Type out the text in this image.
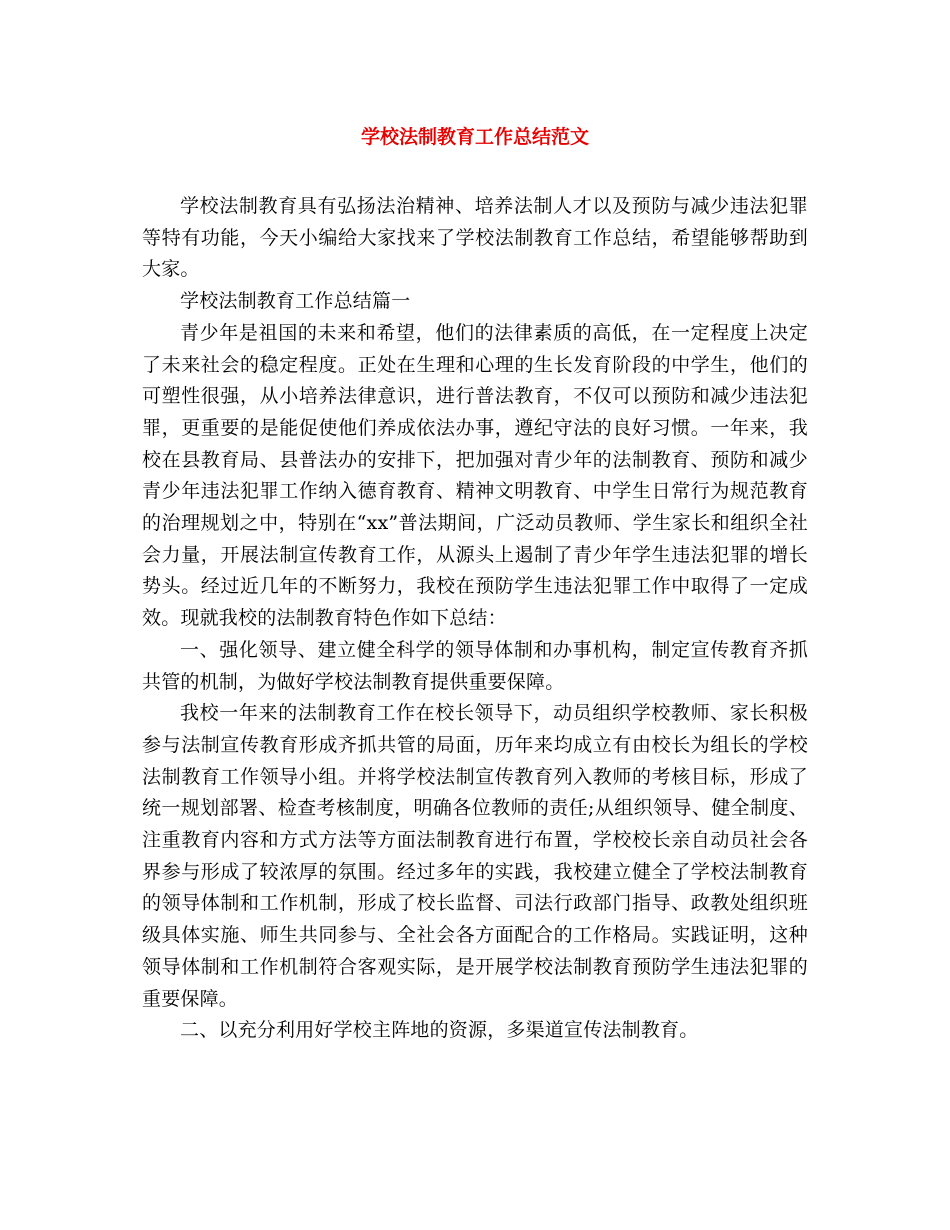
学校法制教育工作总结范文

学校法制教育具有弘扬法治精神、培养法制人才以及预防与减少违法犯罪等特有功能，今天小编给大家找来了学校法制教育工作总结，希望能够帮助到大家。

学校法制教育工作总结篇一

青少年是祖国的未来和希望，他们的法律素质的高低，在一定程度上决定了未来社会的稳定程度。正处在生理和心理的生长发育阶段的中学生，他们的可塑性很强，从小培养法律意识，进行普法教育，不仅可以预防和减少违法犯罪，更重要的是能促使他们养成依法办事，遵纪守法的良好习惯。一年来，我校在县教育局、县普法办的安排下，把加强对青少年的法制教育、预防和减少青少年违法犯罪工作纳入德育教育、精神文明教育、中学生日常行为规范教育的治理规划之中，特别在“xx”普法期间，广泛动员教师、学生家长和组织全社会力量，开展法制宣传教育工作，从源头上遏制了青少年学生违法犯罪的增长势头。经过近几年的不断努力，我校在预防学生违法犯罪工作中取得了一定成效。现就我校的法制教育特色作如下总结：

一、强化领导、建立健全科学的领导体制和办事机构，制定宣传教育齐抓共管的机制，为做好学校法制教育提供重要保障。

我校一年来的法制教育工作在校长领导下，动员组织学校教师、家长积极参与法制宣传教育形成齐抓共管的局面，历年来均成立有由校长为组长的学校法制教育工作领导小组。并将学校法制宣传教育列入教师的考核目标，形成了统一规划部署、检查考核制度，明确各位教师的责任;从组织领导、健全制度、注重教育内容和方式方法等方面法制教育进行布置，学校校长亲自动员社会各界参与形成了较浓厚的氛围。经过多年的实践，我校建立健全了学校法制教育的领导体制和工作机制，形成了校长监督、司法行政部门指导、政教处组织班级具体实施、师生共同参与、全社会各方面配合的工作格局。实践证明，这种领导体制和工作机制符合客观实际，是开展学校法制教育预防学生违法犯罪的重要保障。

二、以充分利用好学校主阵地的资源，多渠道宣传法制教育。
